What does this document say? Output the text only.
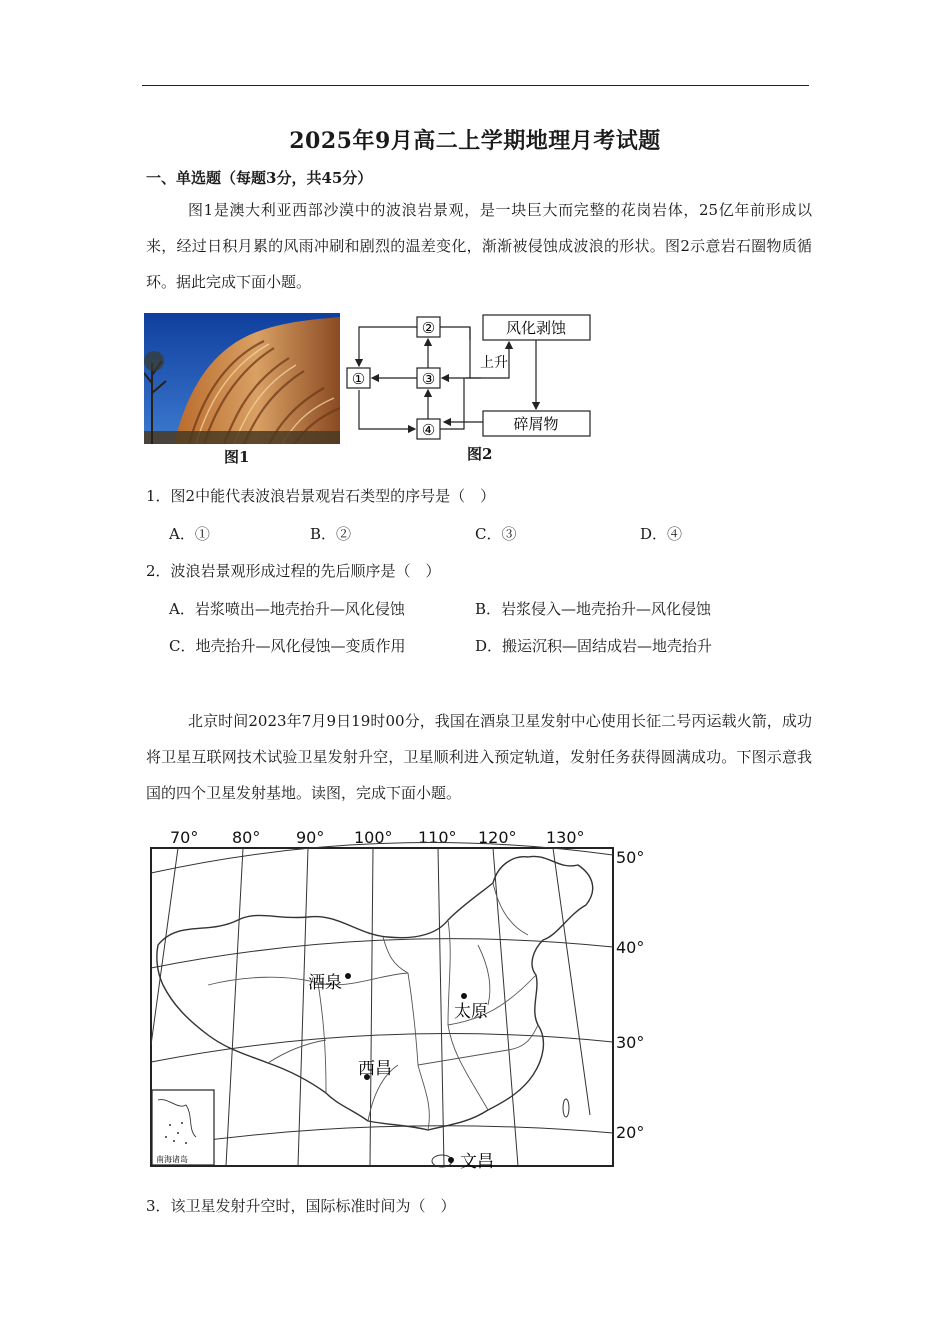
2025年9月高二上学期地理月考试题
一、单选题（每题3分，共45分）
图1是澳大利亚西部沙漠中的波浪岩景观，是一块巨大而完整的花岗岩体，25亿年前形成以来，经过日积月累的风雨冲刷和剧烈的温差变化，渐渐被侵蚀成波浪的形状。图2示意岩石圈物质循环。据此完成下面小题。
图1
②
③
①
④
风化剥蚀
碎屑物
上升
图2
1．图2中能代表波浪岩景观岩石类型的序号是（　）
A．①	B．②	C．③	D．④
2．波浪岩景观形成过程的先后顺序是（　）
A．岩浆喷出—地壳抬升—风化侵蚀	B．岩浆侵入—地壳抬升—风化侵蚀
C．地壳抬升—风化侵蚀—变质作用	D．搬运沉积—固结成岩—地壳抬升
北京时间2023年7月9日19时00分，我国在酒泉卫星发射中心使用长征二号丙运载火箭，成功将卫星互联网技术试验卫星发射升空，卫星顺利进入预定轨道，发射任务获得圆满成功。下图示意我国的四个卫星发射基地。读图，完成下面小题。
70° 80° 90° 100° 110° 120° 130°
50°
40°
30°
20°
南海诸岛
酒泉
太原
西昌
文昌
3．该卫星发射升空时，国际标准时间为（　）
